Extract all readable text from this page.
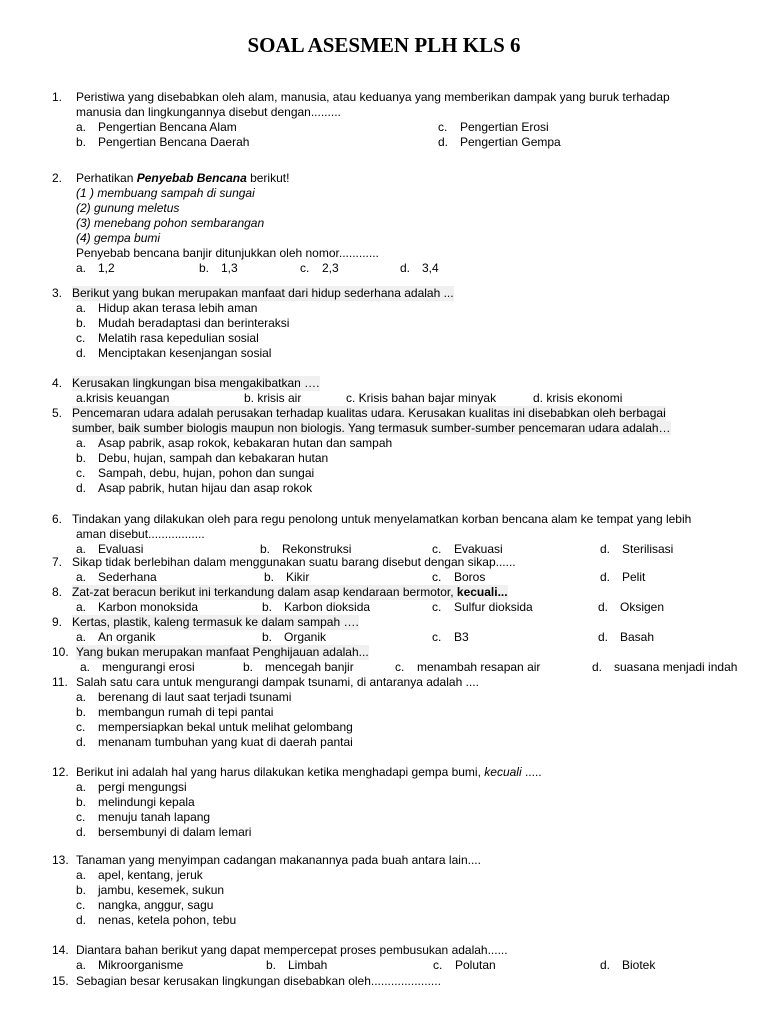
SOAL ASESMEN PLH KLS 6
1.	Peristiwa yang disebabkan oleh alam, manusia, atau keduanya yang memberikan dampak yang buruk terhadap
manusia dan lingkungannya disebut dengan.........
a. Pengertian Bencana Alam	c. Pengertian Erosi
b. Pengertian Bencana Daerah	d. Pengertian Gempa
2.	Perhatikan Penyebab Bencana berikut!
(1 ) membuang sampah di sungai
(2) gunung meletus
(3) menebang pohon sembarangan
(4) gempa bumi
Penyebab bencana banjir ditunjukkan oleh nomor............
a. 1,2	b. 1,3	c. 2,3	d. 3,4
3. Berikut yang bukan merupakan manfaat dari hidup sederhana adalah ...
a. Hidup akan terasa lebih aman
b. Mudah beradaptasi dan berinteraksi
c.	Melatih rasa kepedulian sosial
d. Menciptakan kesenjangan sosial
4. Kerusakan lingkungan bisa mengakibatkan ….
a.krisis keuangan	b. krisis air	c. Krisis bahan bajar minyak	d. krisis ekonomi
5. Pencemaran udara adalah perusakan terhadap kualitas udara. Kerusakan kualitas ini disebabkan oleh berbagai
sumber, baik sumber biologis maupun non biologis. Yang termasuk sumber-sumber pencemaran udara adalah…
a. Asap pabrik, asap rokok, kebakaran hutan dan sampah
b. Debu, hujan, sampah dan kebakaran hutan
c.	Sampah, debu, hujan, pohon dan sungai
d. Asap pabrik, hutan hijau dan asap rokok
6. Tindakan yang dilakukan oleh para regu penolong untuk menyelamatkan korban bencana alam ke tempat yang lebih
aman disebut.................
a. Evaluasi	b. Rekonstruksi	c. Evakuasi	d. Sterilisasi
7. Sikap tidak berlebihan dalam menggunakan suatu barang disebut dengan sikap......
a. Sederhana	b. Kikir	c. Boros	d. Pelit
8. Zat-zat beracun berikut ini terkandung dalam asap kendaraan bermotor, kecuali...
a. Karbon monoksida	b. Karbon dioksida	c. Sulfur dioksida	d. Oksigen
9. Kertas, plastik, kaleng termasuk ke dalam sampah ….
a. An organik	b. Organik	c. B3	d. Basah
10. Yang bukan merupakan manfaat Penghijauan adalah...
a. mengurangi erosi	b. mencegah banjir	c. menambah resapan air	d. suasana menjadi indah
11. Salah satu cara untuk mengurangi dampak tsunami, di antaranya adalah ....
a. berenang di laut saat terjadi tsunami
b. membangun rumah di tepi pantai
c.	mempersiapkan bekal untuk melihat gelombang
d. menanam tumbuhan yang kuat di daerah pantai
12. Berikut ini adalah hal yang harus dilakukan ketika menghadapi gempa bumi, kecuali .....
a. pergi mengungsi
b. melindungi kepala
c.	menuju tanah lapang
d. bersembunyi di dalam lemari
13. Tanaman yang menyimpan cadangan makanannya pada buah antara lain....
a. apel, kentang, jeruk
b. jambu, kesemek, sukun
c.	nangka, anggur, sagu
d. nenas, ketela pohon, tebu
14. Diantara bahan berikut yang dapat mempercepat proses pembusukan adalah......
a. Mikroorganisme	b. Limbah	c. Polutan	d. Biotek
15. Sebagian besar kerusakan lingkungan disebabkan oleh.....................
